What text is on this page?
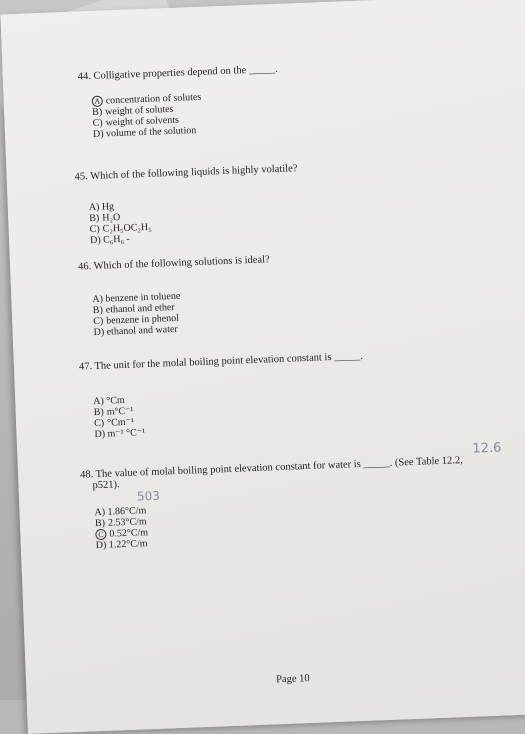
44. Colligative properties depend on the _____.
A concentration of solutes
B) weight of solutes
C) weight of solvents
D) volume of the solution
45. Which of the following liquids is highly volatile?
A) Hg
B) H₂O
C) C₂H₅OC₂H₅
D) C₆H₆ -
46. Which of the following solutions is ideal?
A) benzene in toluene
B) ethanol and ether
C) benzene in phenol
D) ethanol and water
47. The unit for the molal boiling point elevation constant is _____.
A) °Cm
B) m°C⁻¹
C) °Cm⁻¹
D) m⁻¹ °C⁻¹
48. The value of molal boiling point elevation constant for water is _____. (See Table 12.2,
p521).
A) 1.86°C/m
B) 2.53°C/m
C 0.52°C/m
D) 1.22°C/m
12.6
503
Page 10
